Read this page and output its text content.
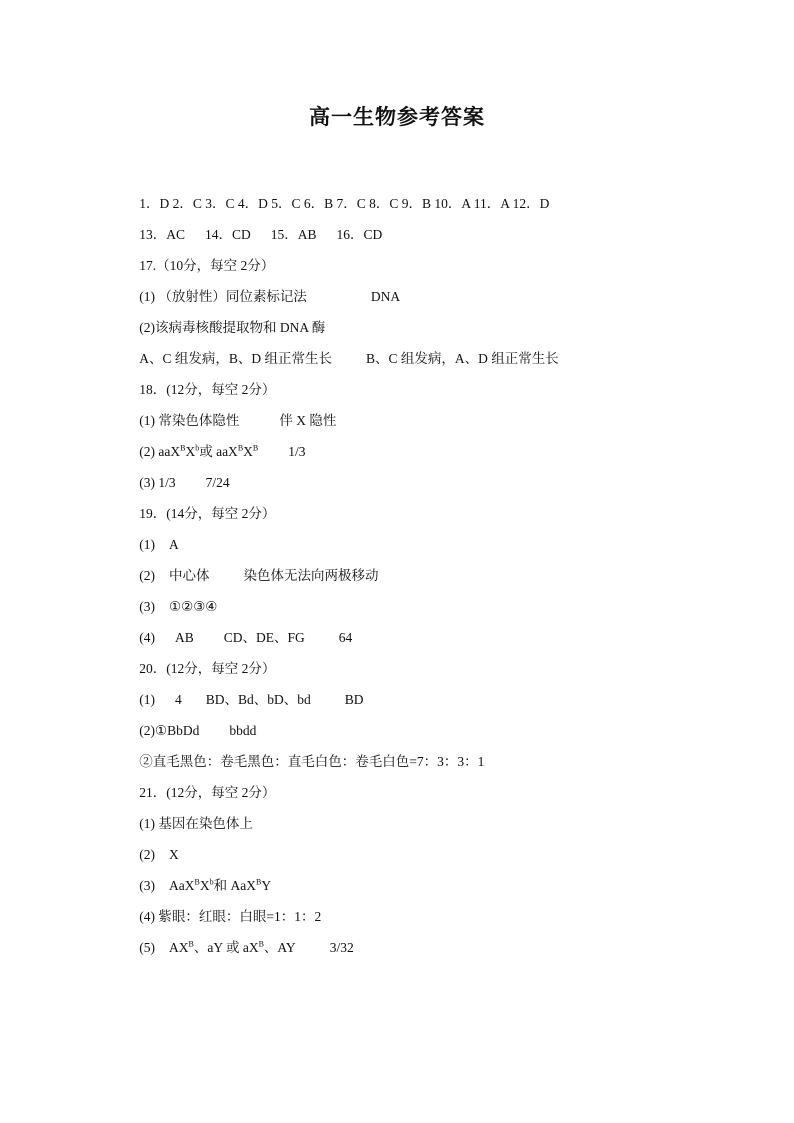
高一生物参考答案

1．D 2．C 3．C 4．D 5．C 6．B 7．C 8．C 9．B 10．A 11．A 12．D

13．AC 14．CD 15．AB 16．CD

17.（10分，每空 2分）

(1) （放射性）同位素标记法	DNA

(2)该病毒核酸提取物和 DNA 酶

A、C 组发病，B、D 组正常生长	B、C 组发病，A、D 组正常生长

18．(12分，每空 2分）

(1) 常染色体隐性	伴 X 隐性

(2) $aaX^BX^b$或 $aaX^BX^B$ 1/3

(3) 1/3 7/24

19．(14分，每空 2分）

(1) A

(2) 中心体	染色体无法向两极移动

(3) ①②③④

(4) AB CD、DE、FG	64

20．(12分，每空 2分）

(1) 4 BD、Bd、bD、bd	BD

(2)①BbDd bbdd

②直毛黑色：卷毛黑色：直毛白色：卷毛白色=7：3：3：1

21．(12分，每空 2分）

(1) 基因在染色体上

(2) X

(3) $AaX^BX^b$和 AaX$^B$Y

(4) 紫眼：红眼：白眼=1：1：2

(5) $AX^B$、aY 或 $aX^B$、AY	3/32
